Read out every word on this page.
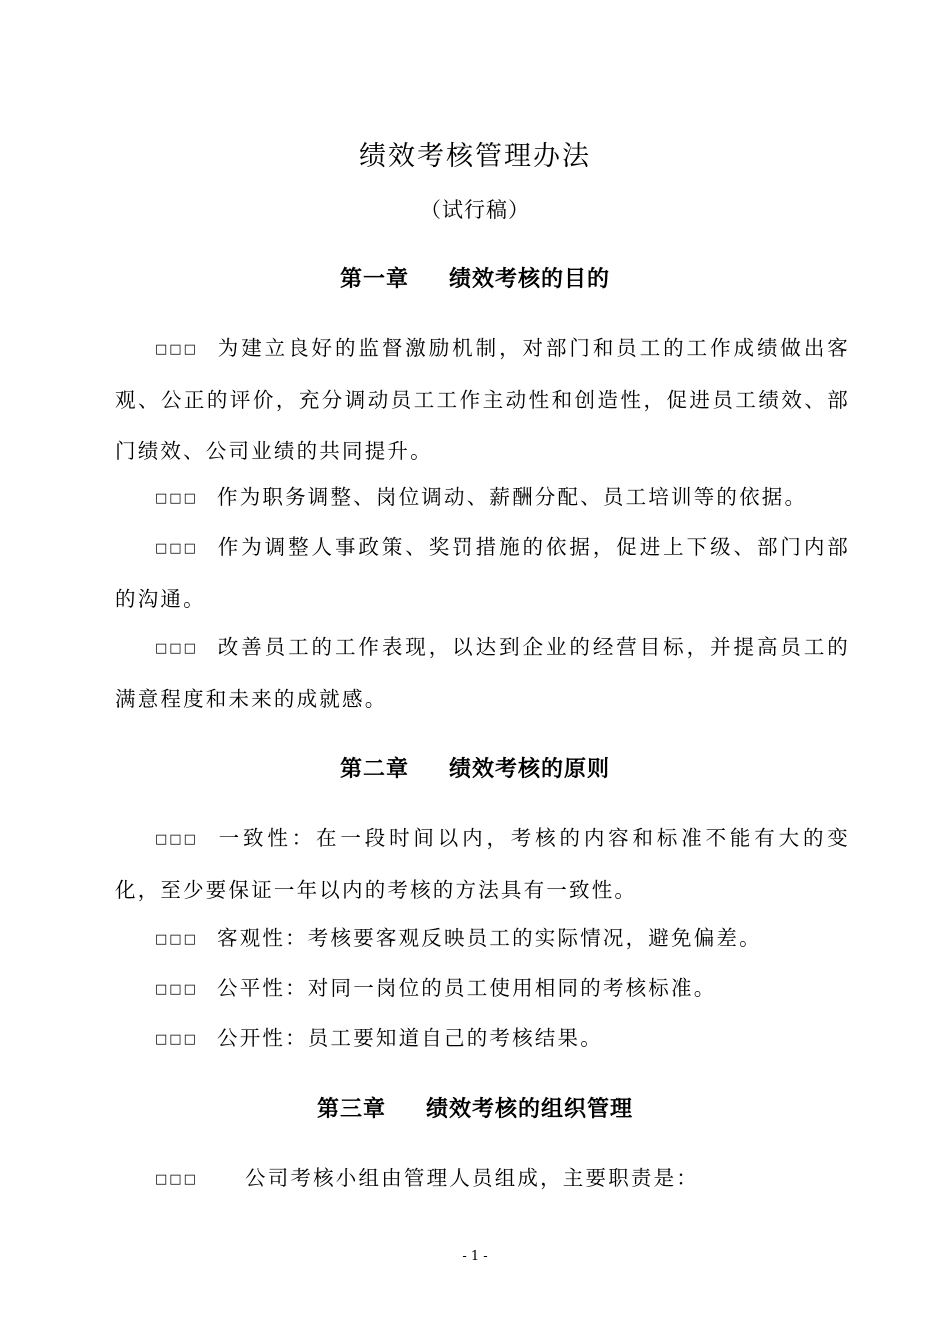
绩效考核管理办法
（试行稿）
第一章 绩效考核的目的
□□□ 为建立良好的监督激励机制，对部门和员工的工作成绩做出客观、公正的评价，充分调动员工工作主动性和创造性，促进员工绩效、部门绩效、公司业绩的共同提升。
□□□ 作为职务调整、岗位调动、薪酬分配、员工培训等的依据。
□□□ 作为调整人事政策、奖罚措施的依据，促进上下级、部门内部的沟通。
□□□ 改善员工的工作表现，以达到企业的经营目标，并提高员工的满意程度和未来的成就感。
第二章 绩效考核的原则
□□□ 一致性：在一段时间以内，考核的内容和标准不能有大的变化，至少要保证一年以内的考核的方法具有一致性。
□□□ 客观性：考核要客观反映员工的实际情况，避免偏差。
□□□ 公平性：对同一岗位的员工使用相同的考核标准。
□□□ 公开性：员工要知道自己的考核结果。
第三章 绩效考核的组织管理
□□□ 公司考核小组由管理人员组成，主要职责是：
- 1 -
